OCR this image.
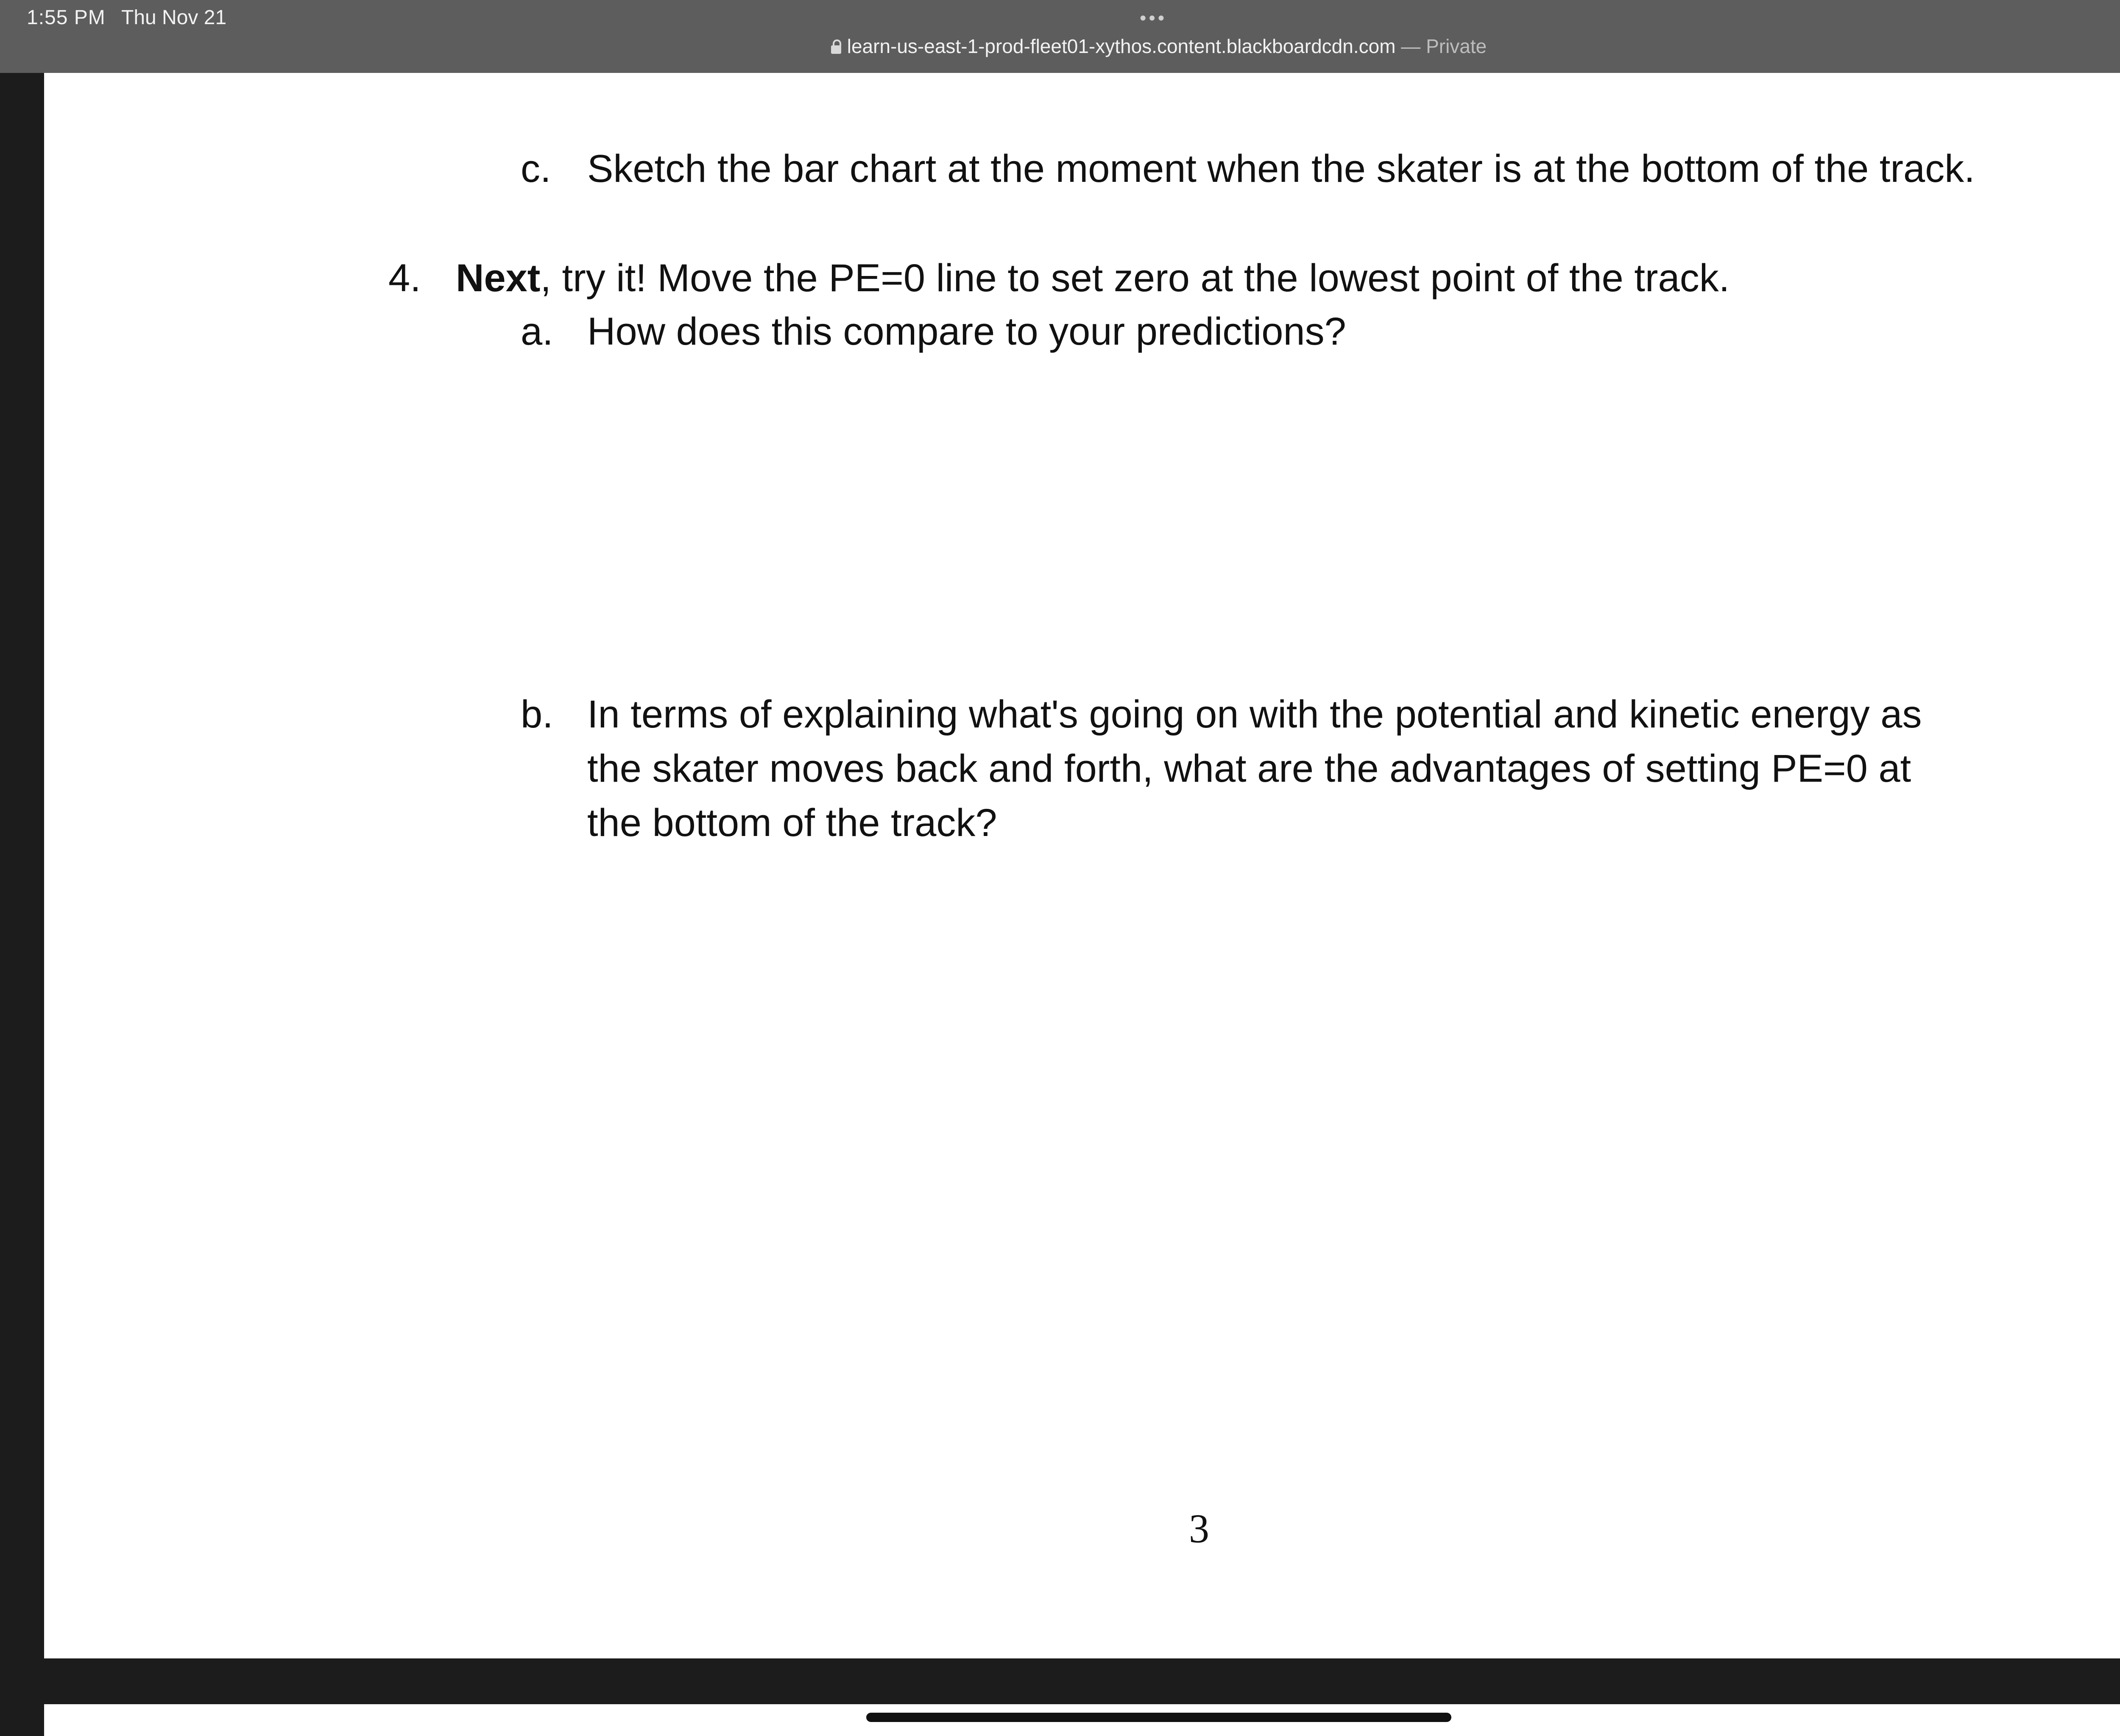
1:55 PM Thu Nov 21	•••
learn-us-east-1-prod-fleet01-xythos.content.blackboardcdn.com — Private
c. Sketch the bar chart at the moment when the skater is at the bottom of the track.
4. Next, try it! Move the PE=0 line to set zero at the lowest point of the track.
a. How does this compare to your predictions?
b. In terms of explaining what's going on with the potential and kinetic energy as
the skater moves back and forth, what are the advantages of setting PE=0 at
the bottom of the track?
3
